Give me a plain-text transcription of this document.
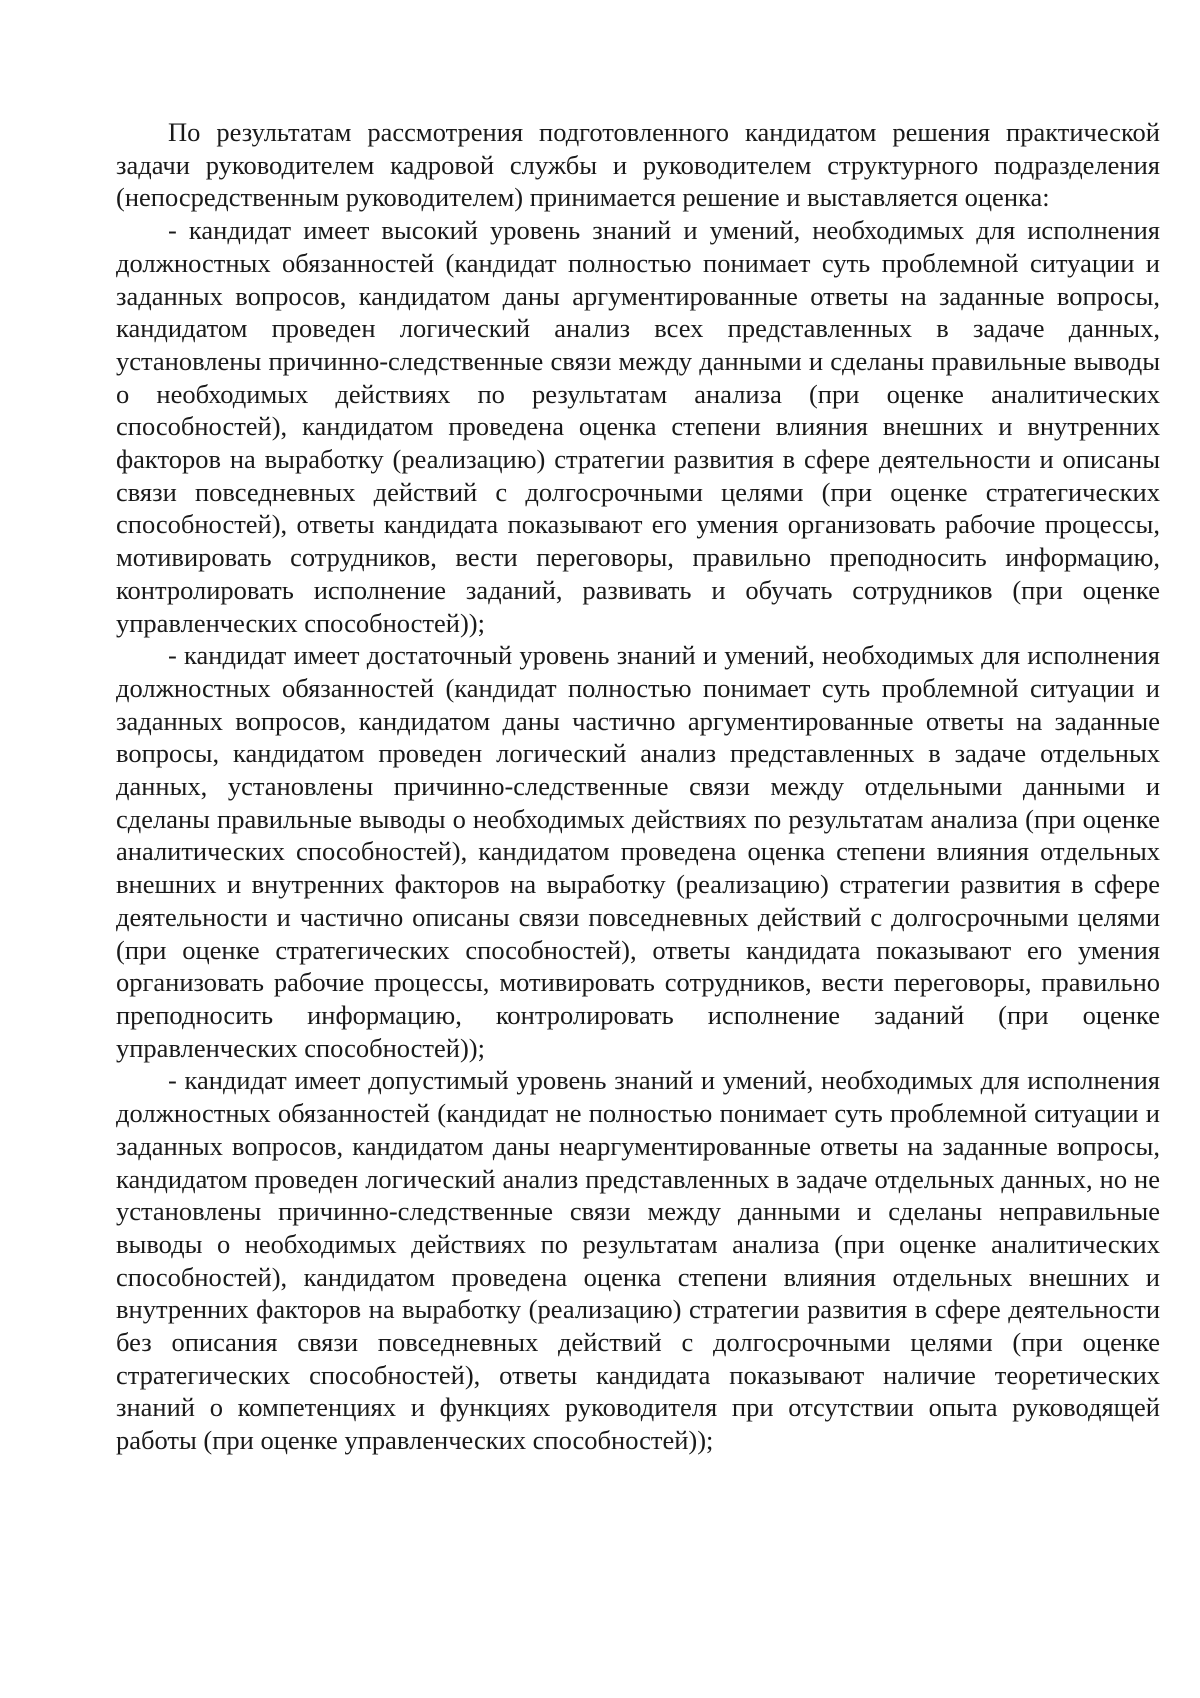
По результатам рассмотрения подготовленного кандидатом решения практической задачи руководителем кадровой службы и руководителем структурного подразделения (непосредственным руководителем) принимается решение и выставляется оценка:

- кандидат имеет высокий уровень знаний и умений, необходимых для исполнения должностных обязанностей (кандидат полностью понимает суть проблемной ситуации и заданных вопросов, кандидатом даны аргументированные ответы на заданные вопросы, кандидатом проведен логический анализ всех представленных в задаче данных, установлены причинно-следственные связи между данными и сделаны правильные выводы о необходимых действиях по результатам анализа (при оценке аналитических способностей), кандидатом проведена оценка степени влияния внешних и внутренних факторов на выработку (реализацию) стратегии развития в сфере деятельности и описаны связи повседневных действий с долгосрочными целями (при оценке стратегических способностей), ответы кандидата показывают его умения организовать рабочие процессы, мотивировать сотрудников, вести переговоры, правильно преподносить информацию, контролировать исполнение заданий, развивать и обучать сотрудников (при оценке управленческих способностей));

- кандидат имеет достаточный уровень знаний и умений, необходимых для исполнения должностных обязанностей (кандидат полностью понимает суть проблемной ситуации и заданных вопросов, кандидатом даны частично аргументированные ответы на заданные вопросы, кандидатом проведен логический анализ представленных в задаче отдельных данных, установлены причинно-следственные связи между отдельными данными и сделаны правильные выводы о необходимых действиях по результатам анализа (при оценке аналитических способностей), кандидатом проведена оценка степени влияния отдельных внешних и внутренних факторов на выработку (реализацию) стратегии развития в сфере деятельности и частично описаны связи повседневных действий с долгосрочными целями (при оценке стратегических способностей), ответы кандидата показывают его умения организовать рабочие процессы, мотивировать сотрудников, вести переговоры, правильно преподносить информацию, контролировать исполнение заданий (при оценке управленческих способностей));

- кандидат имеет допустимый уровень знаний и умений, необходимых для исполнения должностных обязанностей (кандидат не полностью понимает суть проблемной ситуации и заданных вопросов, кандидатом даны неаргументированные ответы на заданные вопросы, кандидатом проведен логический анализ представленных в задаче отдельных данных, но не установлены причинно-следственные связи между данными и сделаны неправильные выводы о необходимых действиях по результатам анализа (при оценке аналитических способностей), кандидатом проведена оценка степени влияния отдельных внешних и внутренних факторов на выработку (реализацию) стратегии развития в сфере деятельности без описания связи повседневных действий с долгосрочными целями (при оценке стратегических способностей), ответы кандидата показывают наличие теоретических знаний о компетенциях и функциях руководителя при отсутствии опыта руководящей работы (при оценке управленческих способностей));
